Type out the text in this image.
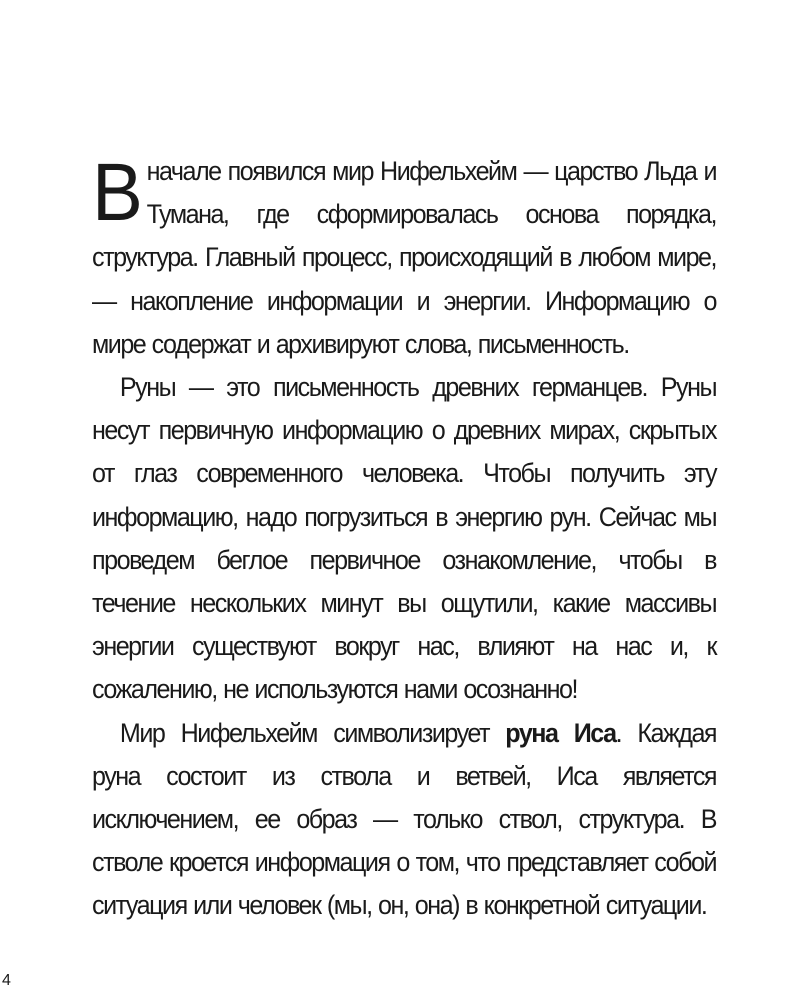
Вначале появился мир Нифельхейм — царство Льда и Тумана, где сформировалась основа порядка, структура. Главный процесс, происходящий в любом мире, — накопление информации и энергии. Информацию о мире содержат и архивируют слова, письменность.

Руны — это письменность древних германцев. Руны несут первичную информацию о древних мирах, скрытых от глаз современного человека. Чтобы получить эту информацию, надо погрузиться в энергию рун. Сейчас мы проведем беглое первичное ознакомление, чтобы в течение нескольких минут вы ощутили, какие массивы энергии существуют вокруг нас, влияют на нас и, к сожалению, не используются нами осознанно!

Мир Нифельхейм символизирует руна Иса. Каждая руна состоит из ствола и ветвей, Иса является исключением, ее образ — только ствол, структура. В стволе кроется информация о том, что представляет собой ситуация или человек (мы, он, она) в конкретной ситуации.

4
